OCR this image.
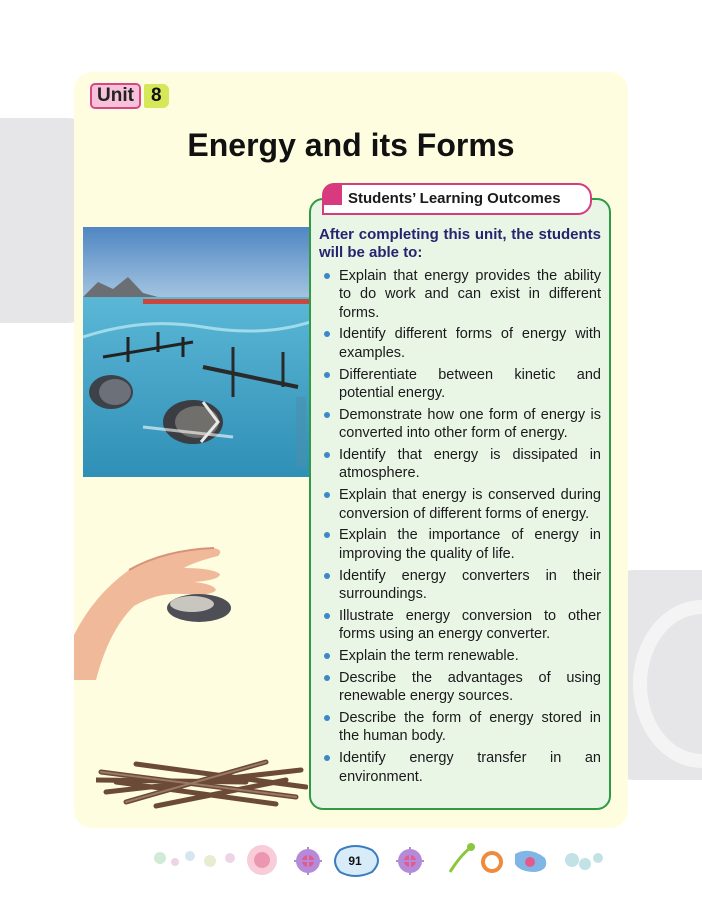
Unit 8
Energy and its Forms
After completing this unit, the students will be able to:
Explain that energy provides the ability to do work and can exist in different forms.
Identify different forms of energy with examples.
Differentiate between kinetic and potential energy.
Demonstrate how one form of energy is converted into other form of energy.
Identify that energy is dissipated in atmosphere.
Explain that energy is conserved during conversion of different forms of energy.
Explain the importance of energy in improving the quality of life.
Identify energy converters in their surroundings.
Illustrate energy conversion to other forms using an energy converter.
Explain the term renewable.
Describe the advantages of using renewable energy sources.
Describe the form of energy stored in the human body.
Identify energy transfer in an environment.
Students’ Learning Outcomes
91
